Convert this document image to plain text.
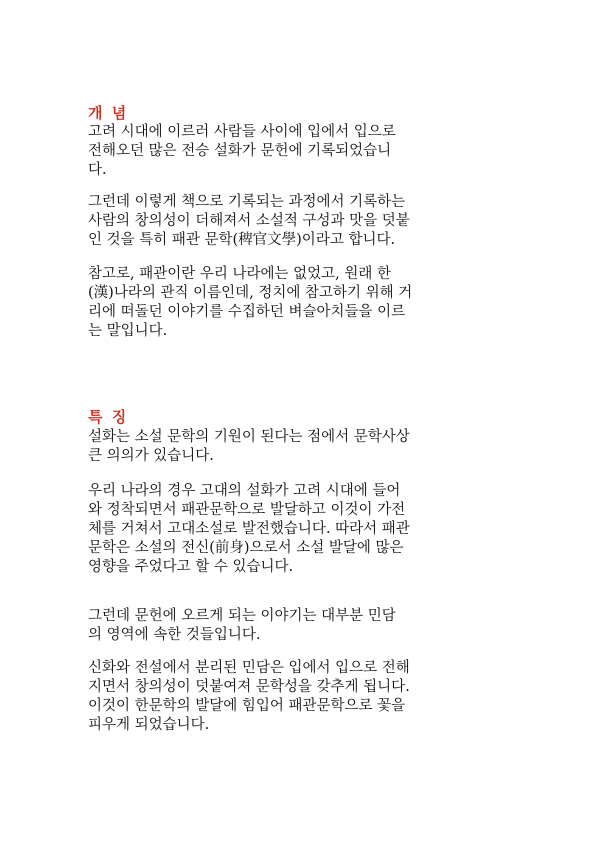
개 념

고려 시대에 이르러 사람들 사이에 입에서 입으로
전해오던 많은 전승 설화가 문헌에 기록되었습니
다.

그런데 이렇게 책으로 기록되는 과정에서 기록하는
사람의 창의성이 더해져서 소설적 구성과 맛을 덧붙
인 것을 특히 패관 문학(稗官文學)이라고 합니다.

참고로, 패관이란 우리 나라에는 없었고, 원래 한
(漢)나라의 관직 이름인데, 정치에 참고하기 위해 거
리에 떠돌던 이야기를 수집하던 벼슬아치들을 이르
는 말입니다.

특 징

설화는 소설 문학의 기원이 된다는 점에서 문학사상
큰 의의가 있습니다.

우리 나라의 경우 고대의 설화가 고려 시대에 들어
와 정착되면서 패관문학으로 발달하고 이것이 가전
체를 거쳐서 고대소설로 발전했습니다. 따라서 패관
문학은 소설의 전신(前身)으로서 소설 발달에 많은
영향을 주었다고 할 수 있습니다.

그런데 문헌에 오르게 되는 이야기는 대부분 민담
의 영역에 속한 것들입니다.

신화와 전설에서 분리된 민담은 입에서 입으로 전해
지면서 창의성이 덧붙여져 문학성을 갖추게 됩니다.
이것이 한문학의 발달에 힘입어 패관문학으로 꽃을
피우게 되었습니다.
